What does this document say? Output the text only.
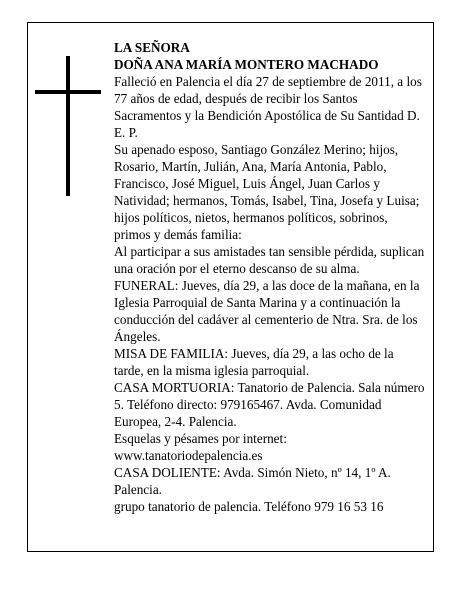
LA SEÑORA

DOÑA ANA MARÍA MONTERO MACHADO

Falleció en Palencia el día 27 de septiembre de 2011, a los 77 años de edad, después de recibir los Santos Sacramentos y la Bendición Apostólica de Su Santidad D. E. P.

Su apenado esposo, Santiago González Merino; hijos, Rosario, Martín, Julián, Ana, María Antonia, Pablo, Francisco, José Miguel, Luis Ángel, Juan Carlos y Natividad; hermanos, Tomás, Isabel, Tina, Josefa y Luisa; hijos políticos, nietos, hermanos políticos, sobrinos, primos y demás familia:

Al participar a sus amistades tan sensible pérdida, suplican una oración por el eterno descanso de su alma.

FUNERAL: Jueves, día 29, a las doce de la mañana, en la Iglesia Parroquial de Santa Marina y a continuación la conducción del cadáver al cementerio de Ntra. Sra. de los Ángeles.

MISA DE FAMILIA: Jueves, día 29, a las ocho de la tarde, en la misma iglesia parroquial.

CASA MORTUORIA: Tanatorio de Palencia. Sala número 5. Teléfono directo: 979165467. Avda. Comunidad Europea, 2-4. Palencia.

Esquelas y pésames por internet: www.tanatoriodepalencia.es

CASA DOLIENTE: Avda. Simón Nieto, nº 14, 1º A. Palencia.

grupo tanatorio de palencia. Teléfono 979 16 53 16
